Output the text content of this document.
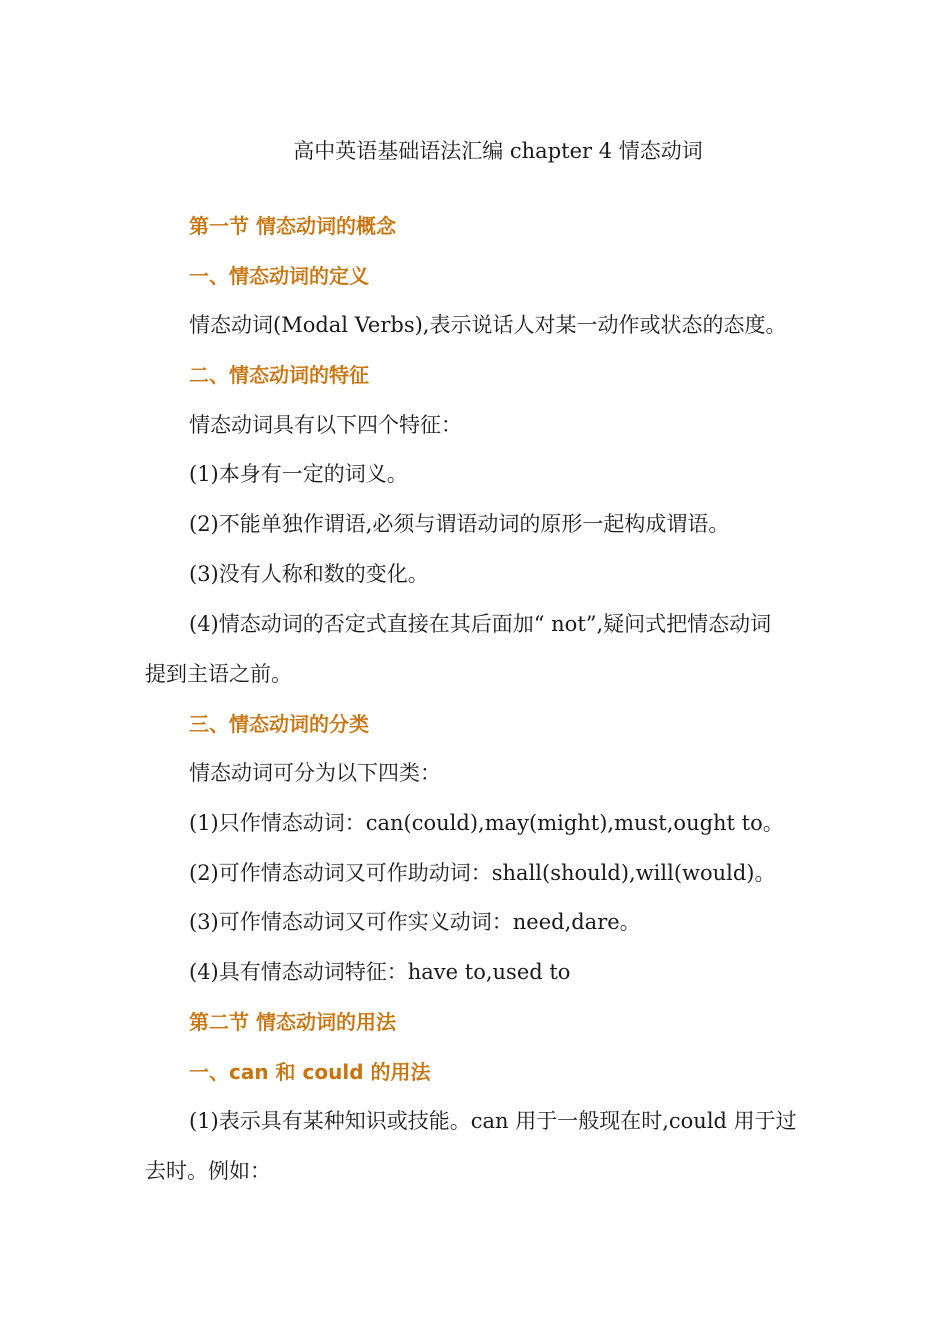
高中英语基础语法汇编 chapter 4 情态动词
第一节 情态动词的概念
一、情态动词的定义
情态动词(Modal Verbs),表示说话人对某一动作或状态的态度。
二、情态动词的特征
情态动词具有以下四个特征：
(1)本身有一定的词义。
(2)不能单独作谓语,必须与谓语动词的原形一起构成谓语。
(3)没有人称和数的变化。
(4)情态动词的否定式直接在其后面加“ not”,疑问式把情态动词
提到主语之前。
三、情态动词的分类
情态动词可分为以下四类：
(1)只作情态动词：can(could),may(might),must,ought to。
(2)可作情态动词又可作助动词：shall(should),will(would)。
(3)可作情态动词又可作实义动词：need,dare。
(4)具有情态动词特征：have to,used to
第二节 情态动词的用法
一、can 和 could 的用法
(1)表示具有某种知识或技能。can 用于一般现在时,could 用于过
去时。例如：
